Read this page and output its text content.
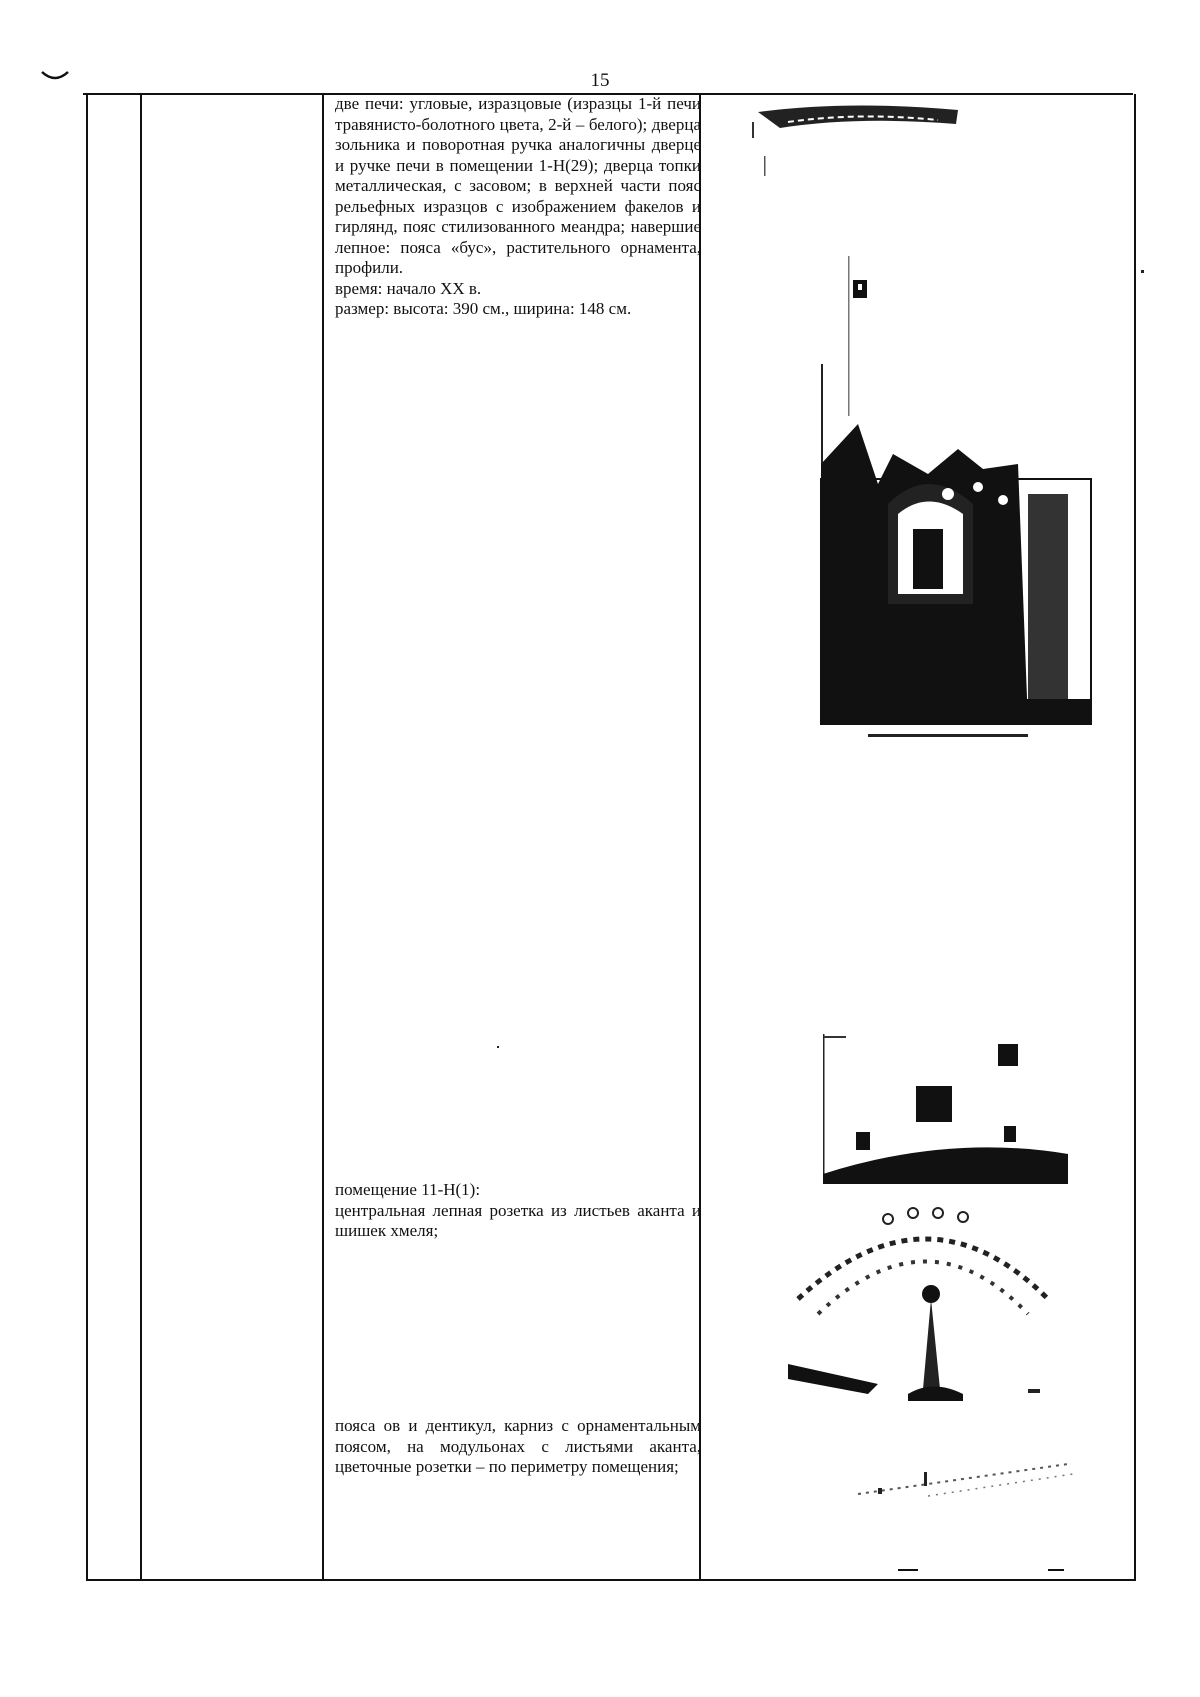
15

две печи: угловые, изразцовые (изразцы 1-й печи травянисто-болотного цвета, 2-й – белого); дверца зольника и поворотная ручка аналогичны дверце и ручке печи в помещении 1-Н(29); дверца топки металлическая, с засовом; в верхней части пояс рельефных изразцов с изображением факелов и гирлянд, пояс стилизованного меандра; навершие лепное: пояса «бус», растительного орнамента, профили.

время: начало XX в.

размер: высота: 390 см., ширина: 148 см.

помещение 11-Н(1):

центральная лепная розетка из листьев аканта и шишек хмеля;

пояса ов и дентикул, карниз с орнаментальным поясом, на модульонах с листьями аканта, цветочные розетки – по периметру помещения;
